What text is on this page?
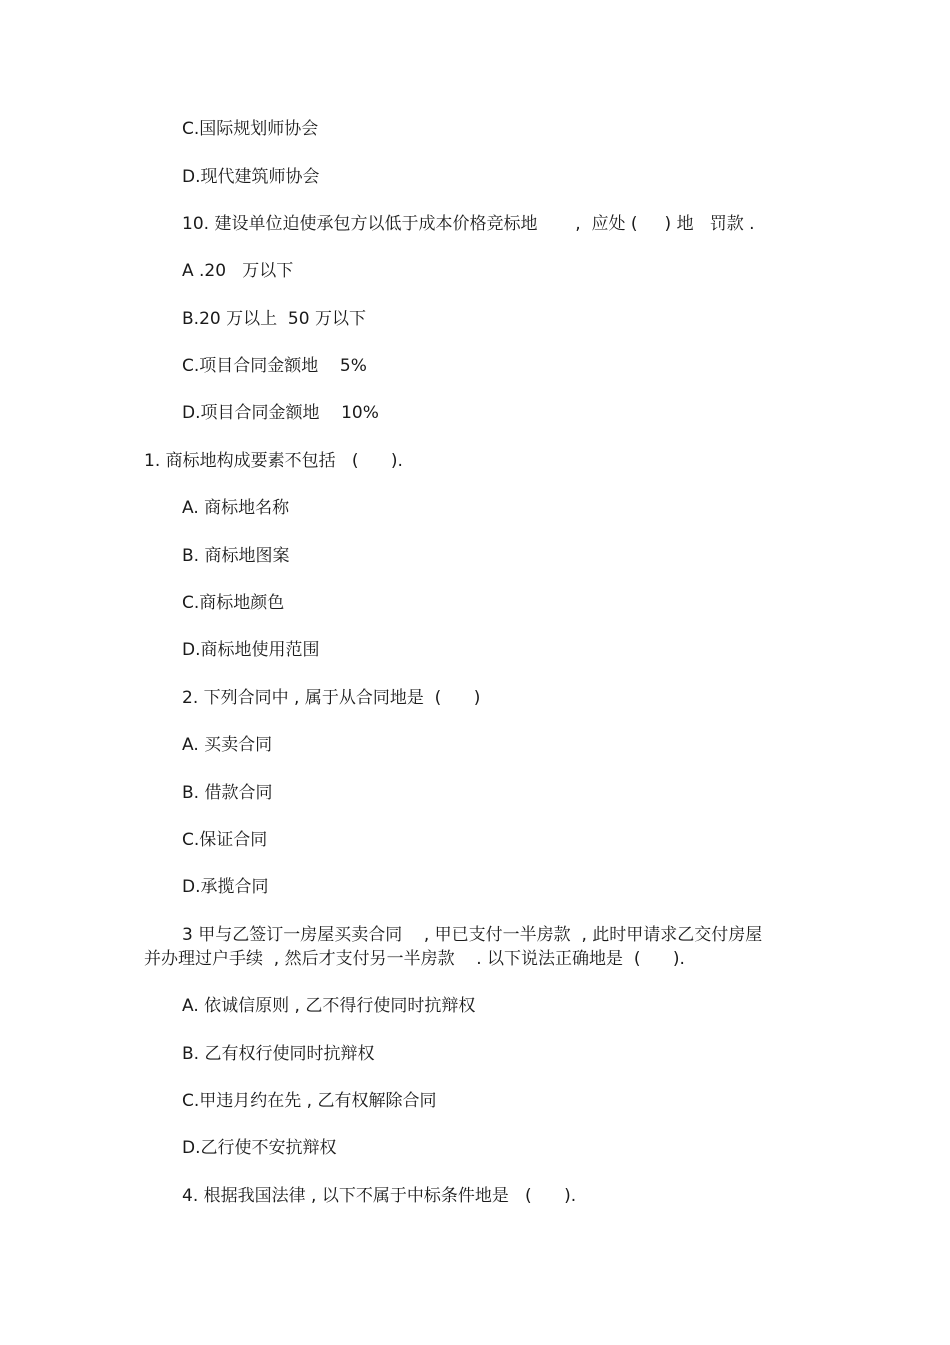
C.国际规划师协会

D.现代建筑师协会

10. 建设单位迫使承包方以低于成本价格竞标地       ,  应处 (     ) 地   罚款 .

A .20   万以下

B.20 万以上  50 万以下

C.项目合同金额地    5%

D.项目合同金额地    10%

1. 商标地构成要素不包括   (      ).

A. 商标地名称

B. 商标地图案

C.商标地颜色

D.商标地使用范围

2. 下列合同中 , 属于从合同地是  (      )

A. 买卖合同

B. 借款合同

C.保证合同

D.承揽合同

3 甲与乙签订一房屋买卖合同    , 甲已支付一半房款  , 此时甲请求乙交付房屋

并办理过户手续  , 然后才支付另一半房款    . 以下说法正确地是  (      ).

A. 依诚信原则 , 乙不得行使同时抗辩权

B. 乙有权行使同时抗辩权

C.甲违月约在先 , 乙有权解除合同

D.乙行使不安抗辩权

4. 根据我国法律 , 以下不属于中标条件地是   (      ).
